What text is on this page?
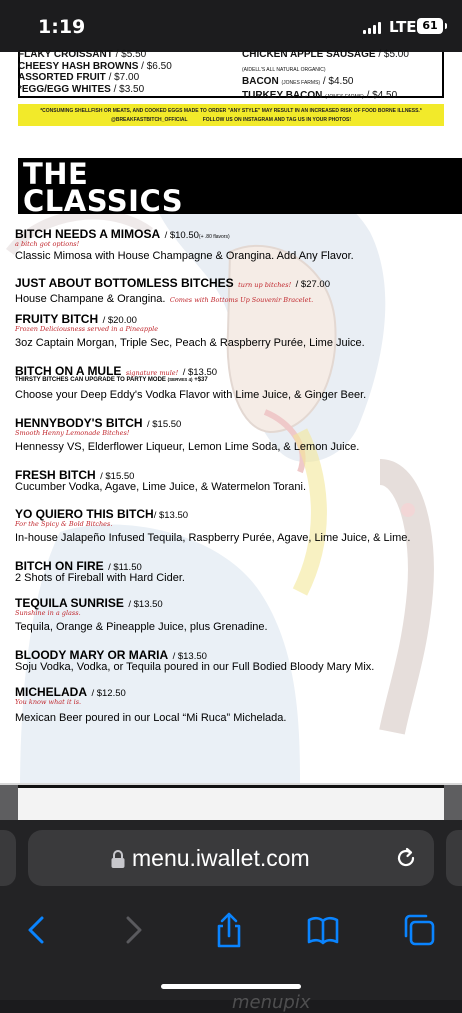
1:19	LTE 61
FLAKY CROISSANT / $5.50
CHEESY HASH BROWNS / $6.50
ASSORTED FRUIT / $7.00
*EGG/EGG WHITES / $3.50
CHICKEN APPLE SAUSAGE / $5.00
(AIDELL'S ALL NATURAL ORGANIC)
BACON (JONES FARMS) / $4.50
TURKEY BACON (JONES FARMS) / $4.50
*CONSUMING SHELLFISH OR MEATS, AND COOKED EGGS MADE TO ORDER "ANY STYLE" MAY RESULT IN AN INCREASED RISK OF FOOD BORNE ILLNESS.*
@BREAKFASTBITCH_OFFICIAL	FOLLOW US ON INSTAGRAM AND TAG US IN YOUR PHOTOS!
THE
CLASSICS
BITCH NEEDS A MIMOSA / $10.50(+ .80 flavors)
a bitch got options!
Classic Mimosa with House Champagne & Orangina. Add Any Flavor.
JUST ABOUT BOTTOMLESS BITCHES turn up bitches! / $27.00
House Champane & Orangina. Comes with Bottoms Up Souvenir Bracelet.
FRUITY BITCH / $20.00
Frozen Deliciousness served in a Pineapple
3oz Captain Morgan, Triple Sec, Peach & Raspberry Purée, Lime Juice.
BITCH ON A MULE signature mule! / $13.50
THIRSTY BITCHES CAN UPGRADE TO PARTY MODE (SERVES 4) +$37
Choose your Deep Eddy's Vodka Flavor with Lime Juice, & Ginger Beer.
HENNYBODY'S BITCH / $15.50
Smooth Henny Lemonade Bitches!
Hennessy VS, Elderflower Liqueur, Lemon Lime Soda, & Lemon Juice.
FRESH BITCH / $15.50
Cucumber Vodka, Agave, Lime Juice, & Watermelon Torani.
YO QUIERO THIS BITCH/ $13.50
For the Spicy & Bold Bitches.
In-house Jalapeño Infused Tequila, Raspberry Purée, Agave, Lime Juice, & Lime.
BITCH ON FIRE / $11.50
2 Shots of Fireball with Hard Cider.
TEQUILA SUNRISE / $13.50
Sunshine in a glass.
Tequila, Orange & Pineapple Juice, plus Grenadine.
BLOODY MARY OR MARIA / $13.50
Soju Vodka, Vodka, or Tequila poured in our Full Bodied Bloody Mary Mix.
MICHELADA / $12.50
You know what it is.
Mexican Beer poured in our Local “Mi Ruca” Michelada.
menu.iwallet.com
menupix
